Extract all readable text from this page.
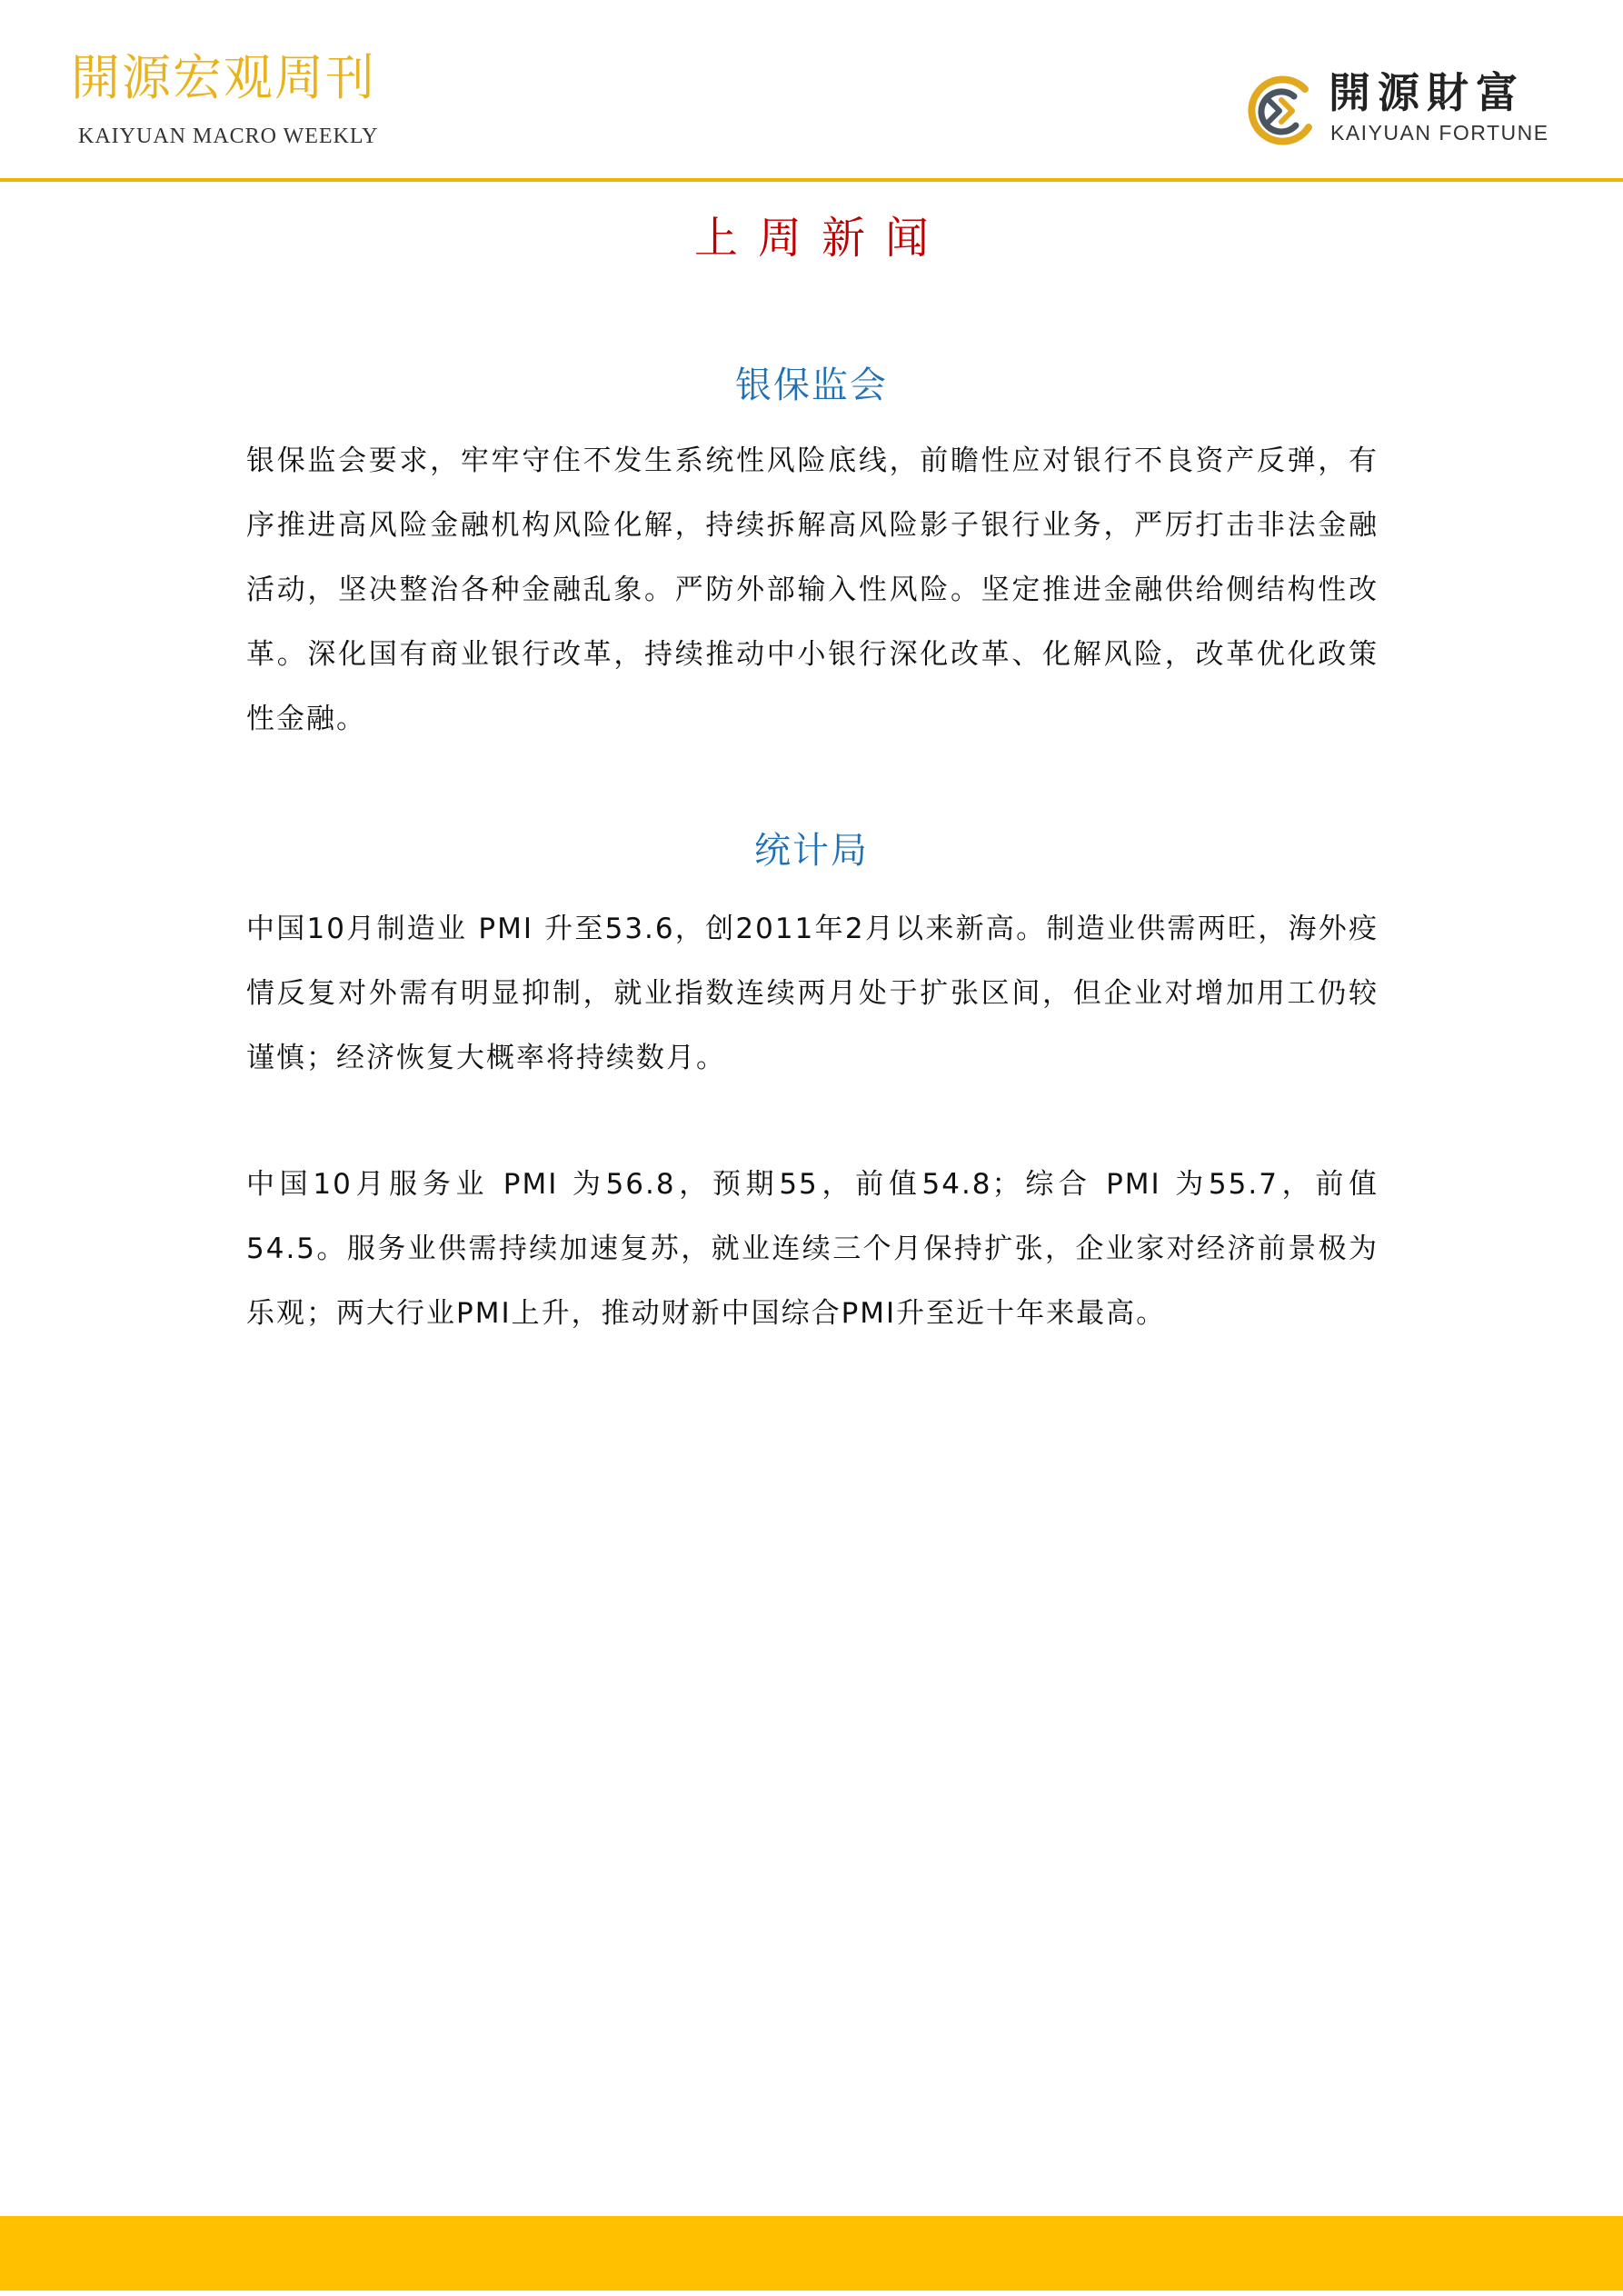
開源宏观周刊
KAIYUAN MACRO WEEKLY
開源財富
KAIYUAN FORTUNE
上周新闻
银保监会

银保监会要求，牢牢守住不发生系统性风险底线，前瞻性应对银行不良资产反弹，有序推进高风险金融机构风险化解，持续拆解高风险影子银行业务，严厉打击非法金融活动，坚决整治各种金融乱象。严防外部输入性风险。坚定推进金融供给侧结构性改革。深化国有商业银行改革，持续推动中小银行深化改革、化解风险，改革优化政策性金融。

统计局

中国10月制造业 PMI 升至53.6，创2011年2月以来新高。制造业供需两旺，海外疫情反复对外需有明显抑制，就业指数连续两月处于扩张区间，但企业对增加用工仍较谨慎；经济恢复大概率将持续数月。

中国10月服务业 PMI 为56.8，预期55，前值54.8；综合 PMI 为55.7，前值54.5。服务业供需持续加速复苏，就业连续三个月保持扩张，企业家对经济前景极为乐观；两大行业PMI上升，推动财新中国综合PMI升至近十年来最高。
